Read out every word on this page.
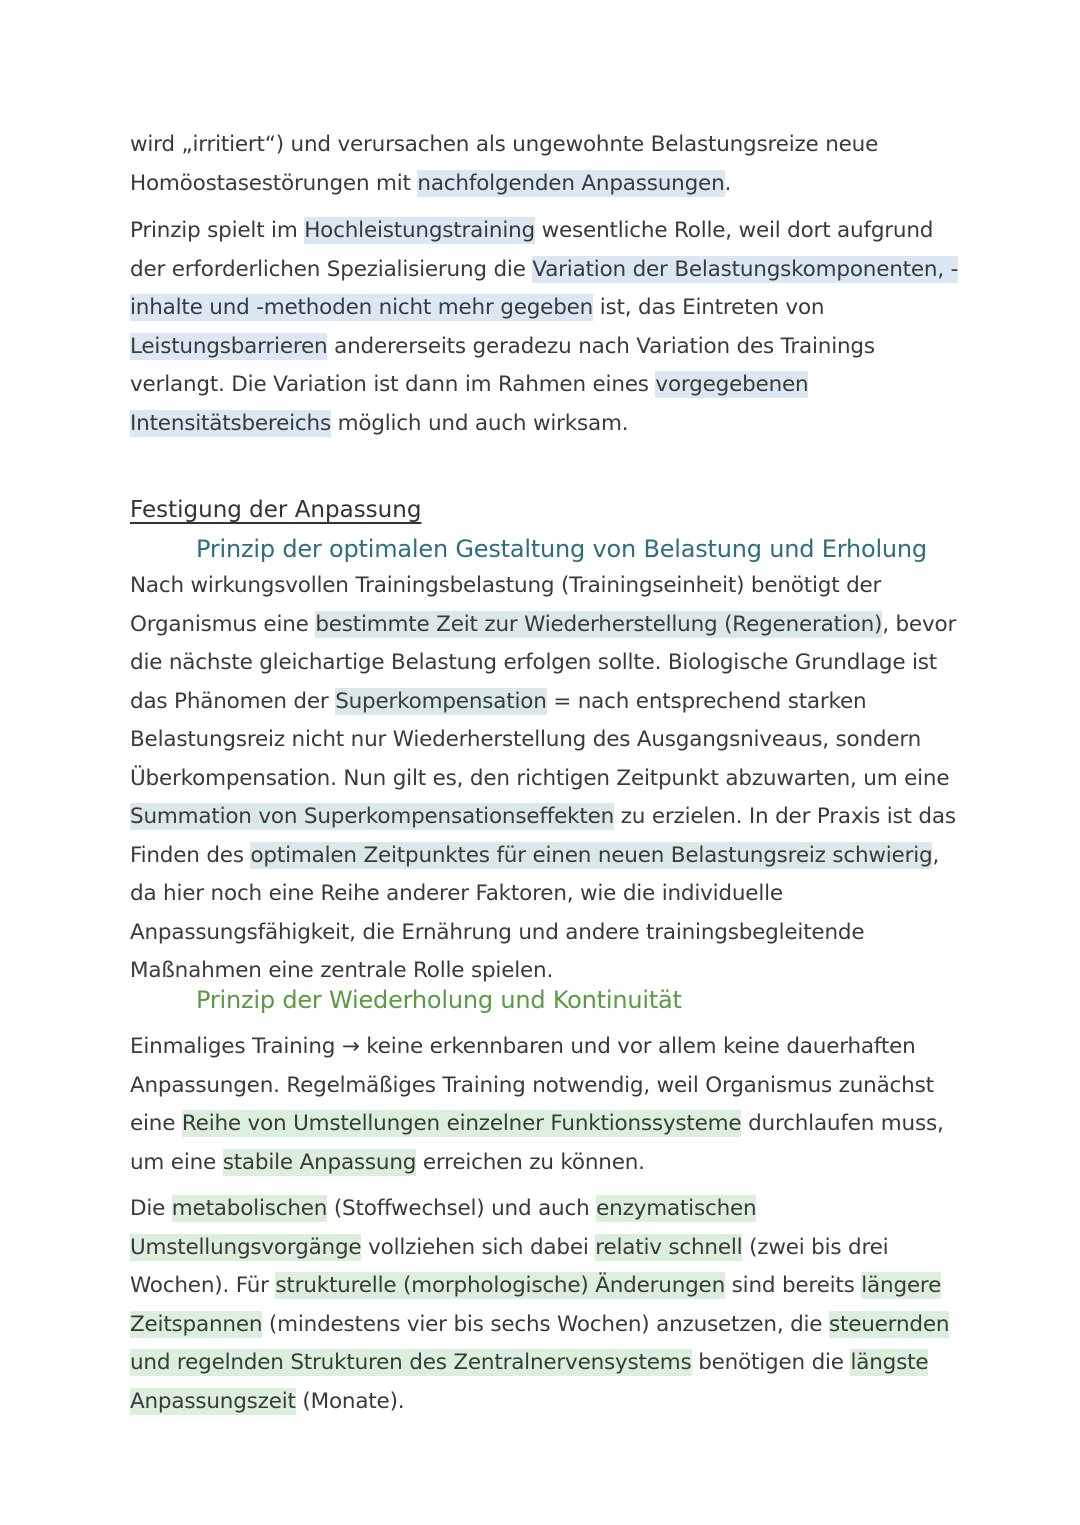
wird „irritiert“) und verursachen als ungewohnte Belastungsreize neue Homöostasestörungen mit nachfolgenden Anpassungen.

Prinzip spielt im Hochleistungstraining wesentliche Rolle, weil dort aufgrund der erforderlichen Spezialisierung die Variation der Belastungskomponenten, -inhalte und -methoden nicht mehr gegeben ist, das Eintreten von Leistungsbarrieren andererseits geradezu nach Variation des Trainings verlangt. Die Variation ist dann im Rahmen eines vorgegebenen Intensitätsbereichs möglich und auch wirksam.

Festigung der Anpassung
Prinzip der optimalen Gestaltung von Belastung und Erholung

Nach wirkungsvollen Trainingsbelastung (Trainingseinheit) benötigt der Organismus eine bestimmte Zeit zur Wiederherstellung (Regeneration), bevor die nächste gleichartige Belastung erfolgen sollte. Biologische Grundlage ist das Phänomen der Superkompensation = nach entsprechend starken Belastungsreiz nicht nur Wiederherstellung des Ausgangsniveaus, sondern Überkompensation. Nun gilt es, den richtigen Zeitpunkt abzuwarten, um eine Summation von Superkompensationseffekten zu erzielen. In der Praxis ist das Finden des optimalen Zeitpunktes für einen neuen Belastungsreiz schwierig, da hier noch eine Reihe anderer Faktoren, wie die individuelle Anpassungsfähigkeit, die Ernährung und andere trainingsbegleitende Maßnahmen eine zentrale Rolle spielen.

Prinzip der Wiederholung und Kontinuität

Einmaliges Training → keine erkennbaren und vor allem keine dauerhaften Anpassungen. Regelmäßiges Training notwendig, weil Organismus zunächst eine Reihe von Umstellungen einzelner Funktionssysteme durchlaufen muss, um eine stabile Anpassung erreichen zu können.

Die metabolischen (Stoffwechsel) und auch enzymatischen Umstellungsvorgänge vollziehen sich dabei relativ schnell (zwei bis drei Wochen). Für strukturelle (morphologische) Änderungen sind bereits längere Zeitspannen (mindestens vier bis sechs Wochen) anzusetzen, die steuernden und regelnden Strukturen des Zentralnervensystems benötigen die längste Anpassungszeit (Monate).
